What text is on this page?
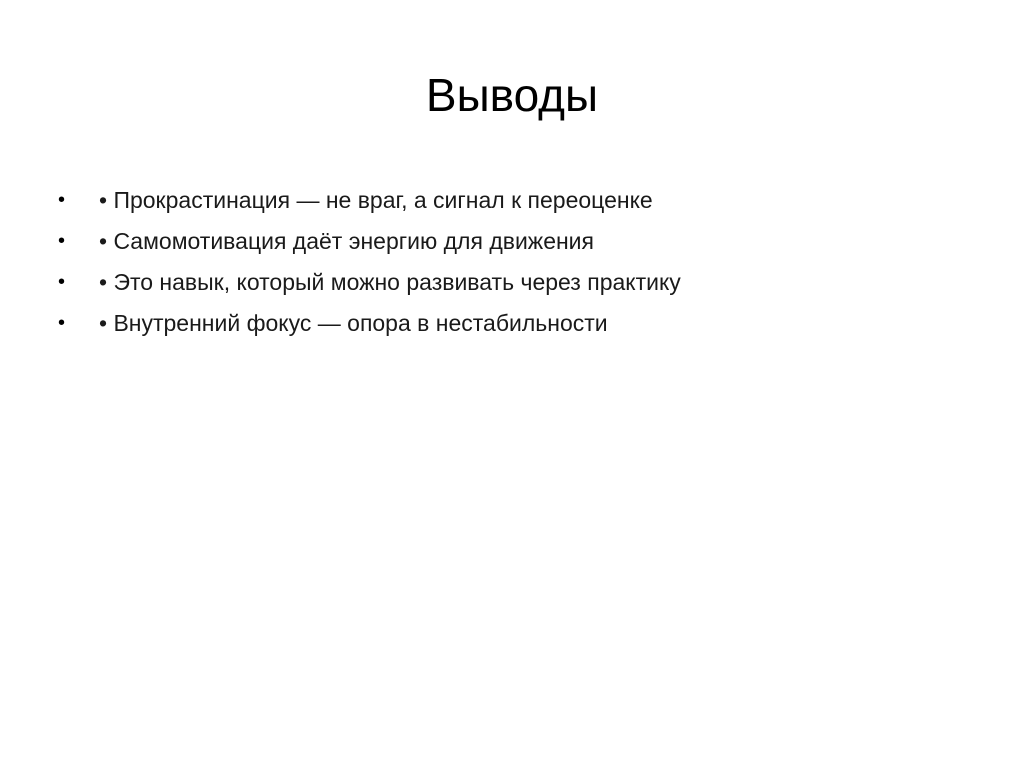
Выводы
•	• Прокрастинация — не враг, а сигнал к переоценке
•	• Самомотивация даёт энергию для движения
•	• Это навык, который можно развивать через практику
•	• Внутренний фокус — опора в нестабильности
